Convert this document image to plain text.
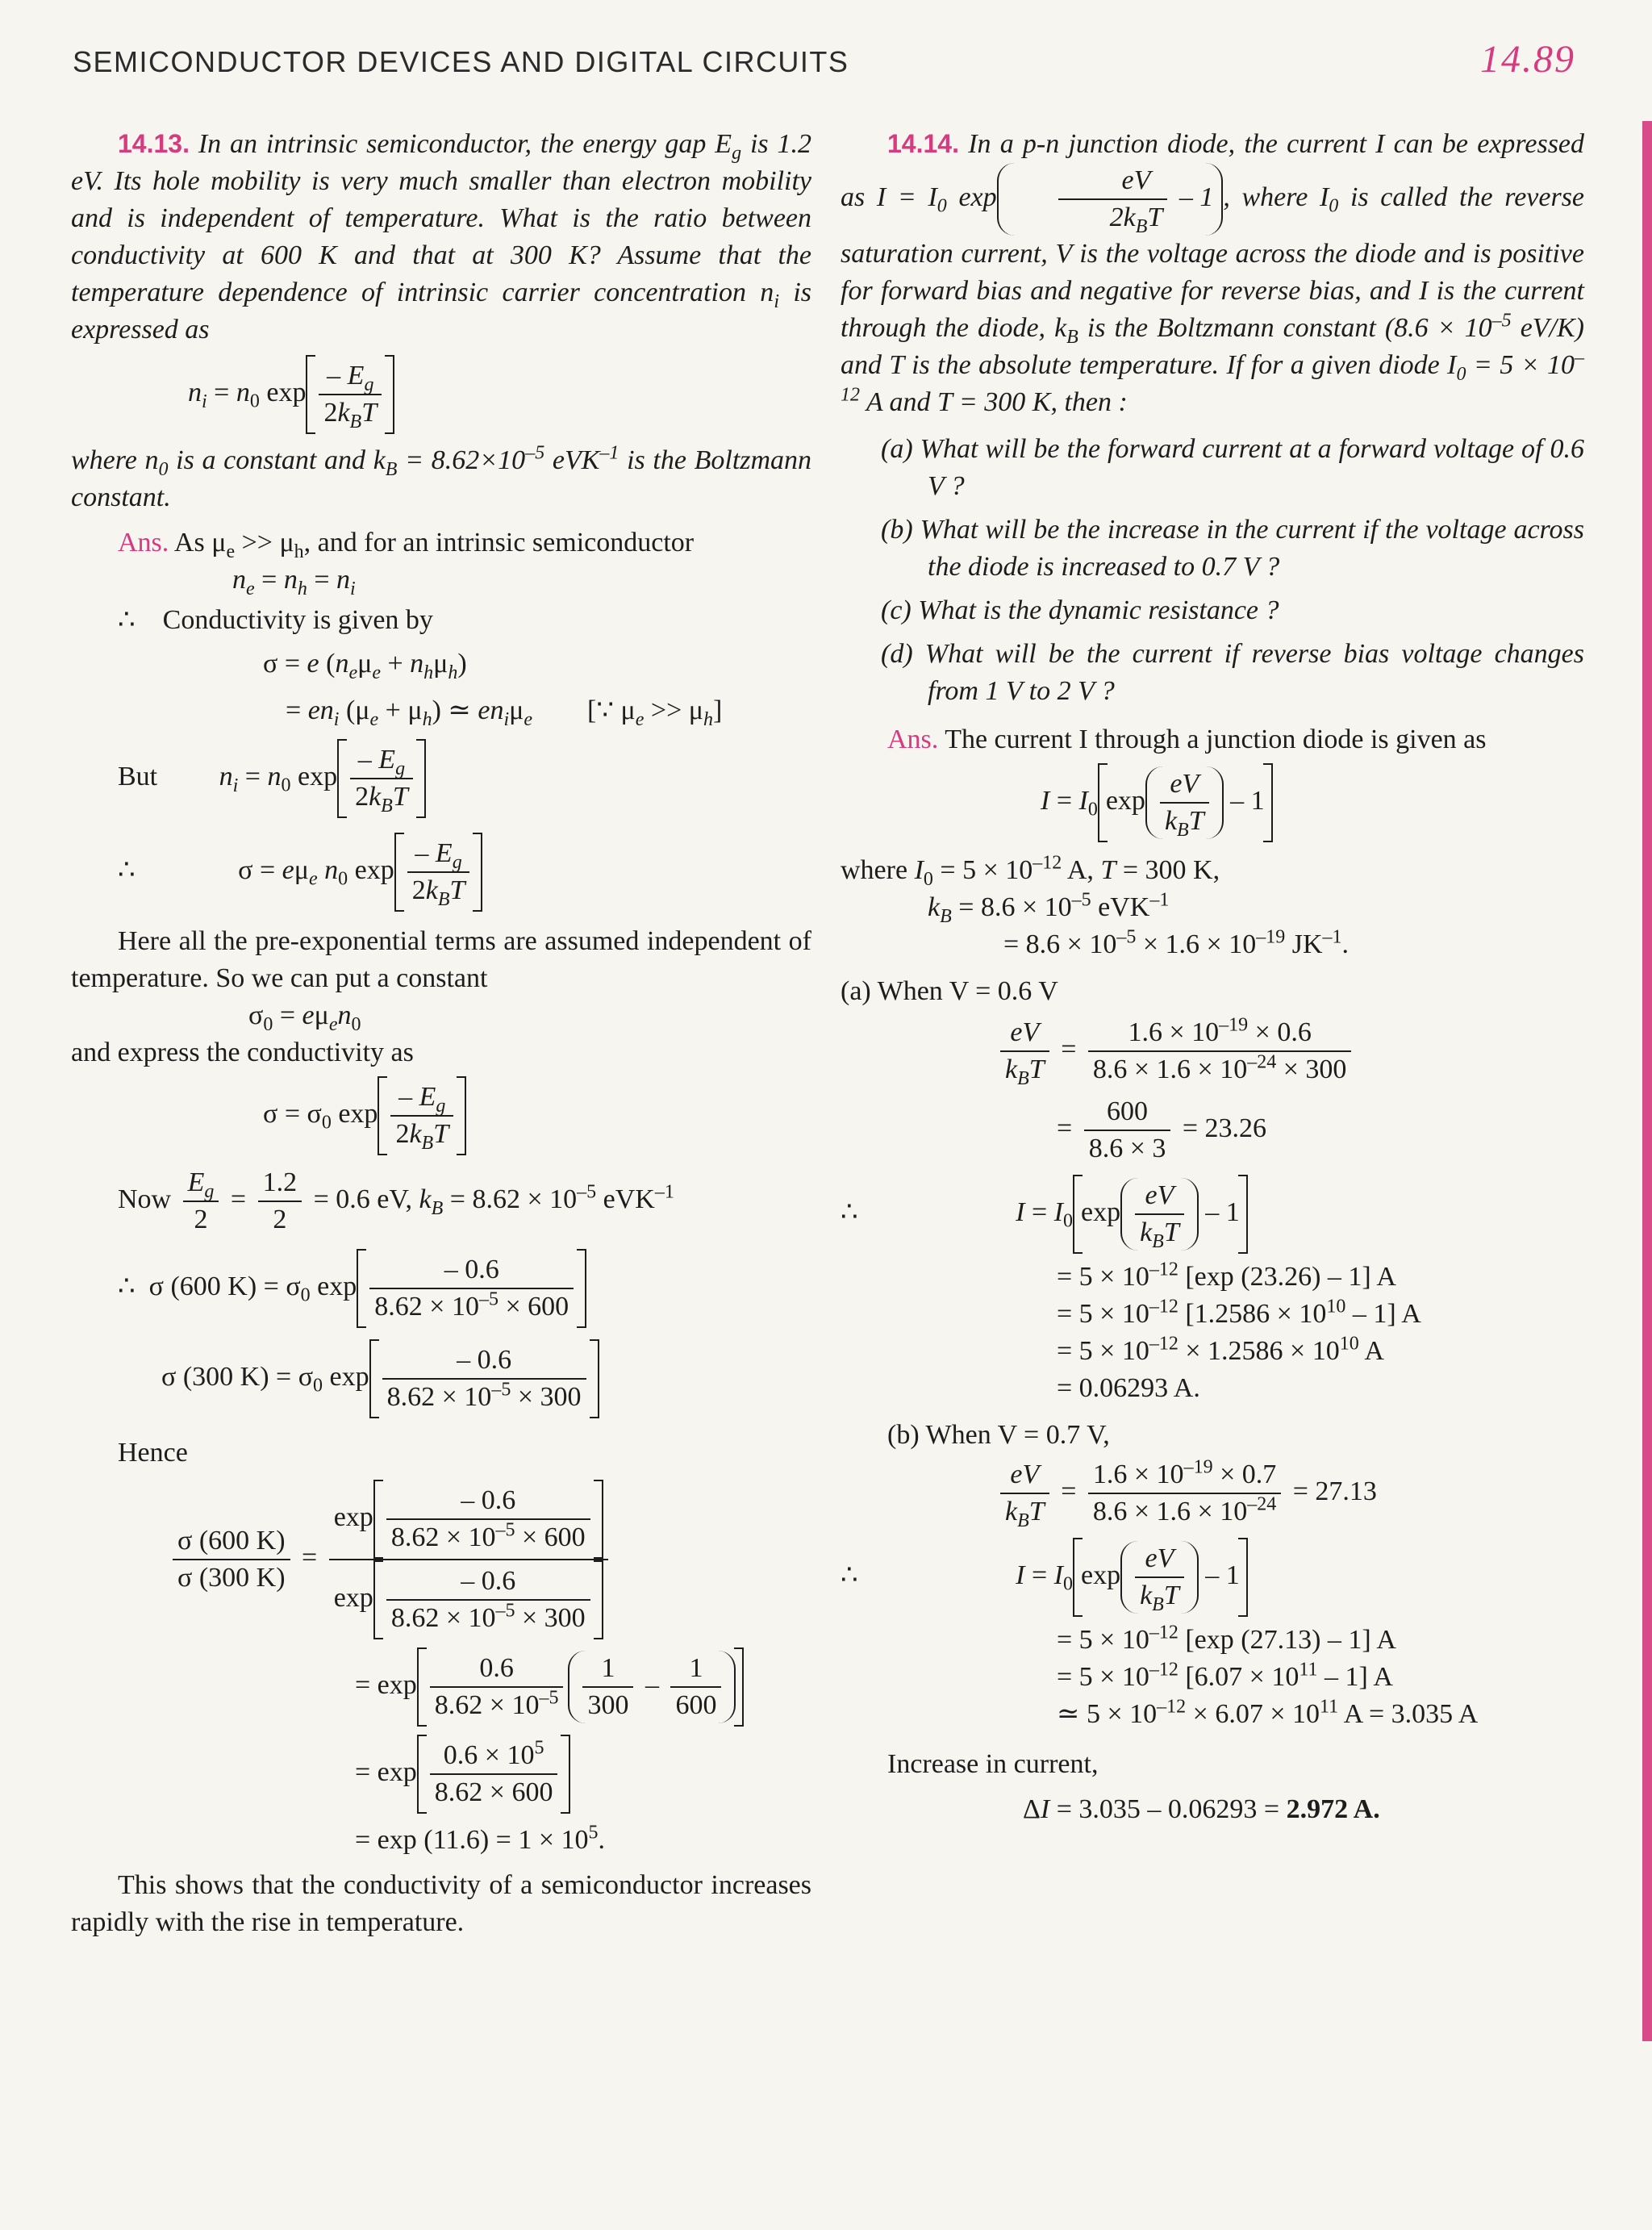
SEMICONDUCTOR DEVICES AND DIGITAL CIRCUITS	14.89

14.13. In an intrinsic semiconductor, the energy gap $E_g$ is 1.2 eV. Its hole mobility is very much smaller than electron mobility and is independent of temperature. What is the ratio between conductivity at 600 K and that at 300 K? Assume that the temperature dependence of intrinsic carrier concentration $n_i$ is expressed as

$n_i = n_0$ $\exp \frac{- E_g}{2k_BT}$

where $n_0$ is a constant and $k_B = 8.62\times 10^{-5}$ eVK$^{-1}$ is the Boltzmann constant.

Ans. As $\mu_e >> \mu_h$, and for an intrinsic semiconductor

$n_e = n_h = n_i$
∴ Conductivity is given by
σ = e $(n_e\mu_e + n_h\mu_h)$
= $en_i$ $(\mu_e + \mu_h)$ ≃ $en_i\mu_e$        [∵ $\mu_e >> \mu_h$]
But $n_i = n_0$ $\exp \frac{- E_g}{2k_BT}$
∴               $\sigma = e\mu_e$ $n_0$ $\exp \frac{- E_g}{2k_BT}$

Here all the pre-exponential terms are assumed independent of temperature. So we can put a constant

$\sigma_0 = e\mu_en_0$

and express the conductivity as

$\sigma = \sigma_0$ $\exp \frac{- E_g}{2k_BT}$
Now $\frac{E_g}{2} = \frac{1.2}{2} = 0.6$ eV, $k_B = 8.62 \times 10^{-5}$ eVK$^{-1}$
∴  σ (600 $K) = \sigma_0$ $\exp \frac{- 0.6}{8.62 \times 10^{-5} \times 600}$
σ (300 $K) = \sigma_0$ $\exp \frac{- 0.6}{8.62 \times 10^{-5} \times 300}$
Hence
$\frac{\sigma (600 K)}{\sigma (300 K)} = \frac{\exp \frac{- 0.6}{8.62 \times 10^{-5} \times 600}}{\exp \frac{- 0.6}{8.62 \times 10^{-5} \times 300}}$
= $\exp \frac{0.6}{8.62 \times 10^{-5}} \frac{1}{300} - \frac{1}{600}$
= $\exp \frac{0.6 \times 10^5}{8.62 \times 600}$
= $\exp (11.6) = 1 \times 10^5$.

This shows that the conductivity of a semiconductor increases rapidly with the rise in temperature.

14.14. In a p-n junction diode, the current I can be expressed as $I = I_0$ $\exp \frac{eV}{2k_BT} - 1$ , where $I_0$ is called the reverse saturation current, V is the voltage across the diode and is positive for forward bias and negative for reverse bias, and I is the current through the diode, $k_B$ is the Boltzmann constant ($8.6 \times 10^{-5}$ eV/K) and T is the absolute temperature. If for a given diode $I_0 = 5 \times 10^{-12}$ A and T = 300 K, then :

(a) What will be the forward current at a forward voltage of 0.6 V ?

(b) What will be the increase in the current if the voltage across the diode is increased to 0.7 V ?

(c) What is the dynamic resistance ?

(d) What will be the current if reverse bias voltage changes from 1 V to 2 V ?

Ans. The current I through a junction diode is given as

$I = I_0$ $\exp \frac{eV}{k_BT} - 1$
where $I_0 = 5 \times 10^{-12}$ A, T = 300 K,
$k_B = 8.6 \times 10^{-5}$ eVK$^{-1}$
= $8.6 \times 10^{-5} \times 1.6 \times 10^{-19}$ $JK^{-1}$.
(a) When V = 0.6 V
$\frac{eV}{k_BT} = \frac{1.6 \times 10^{-19} \times 0.6}{8.6 \times 1.6 \times 10^{-24} \times 300}$
= $\frac{600}{8.6 \times 3} = 23.26$
∴                       $I = I_0$ $\exp \frac{eV}{k_BT} - 1$
= $5 \times 10^{-12}$ [exp (23.26) – 1] A
= $5 \times 10^{-12}$ $[1.2586 \times 10^{10} - 1]$ A
= $5 \times 10^{-12} \times 1.2586 \times 10^{10}$ A
= 0.06293 A.
(b) When V = 0.7 V,
$\frac{eV}{k_BT} = \frac{1.6 \times 10^{-19} \times 0.7}{8.6 \times 1.6 \times 10^{-24}} = 27.13$
∴                       $I = I_0$ $\exp \frac{eV}{k_BT} - 1$
= $5 \times 10^{-12}$ [exp (27.13) – 1] A
= $5 \times 10^{-12}$ $[6.07 \times 10^{11} - 1]$ A
≃ $5 \times 10^{-12} \times 6.07 \times 10^{11}$ A = 3.035 A
Increase in current,
ΔI = 3.035 – 0.06293 = 2.972 A.
